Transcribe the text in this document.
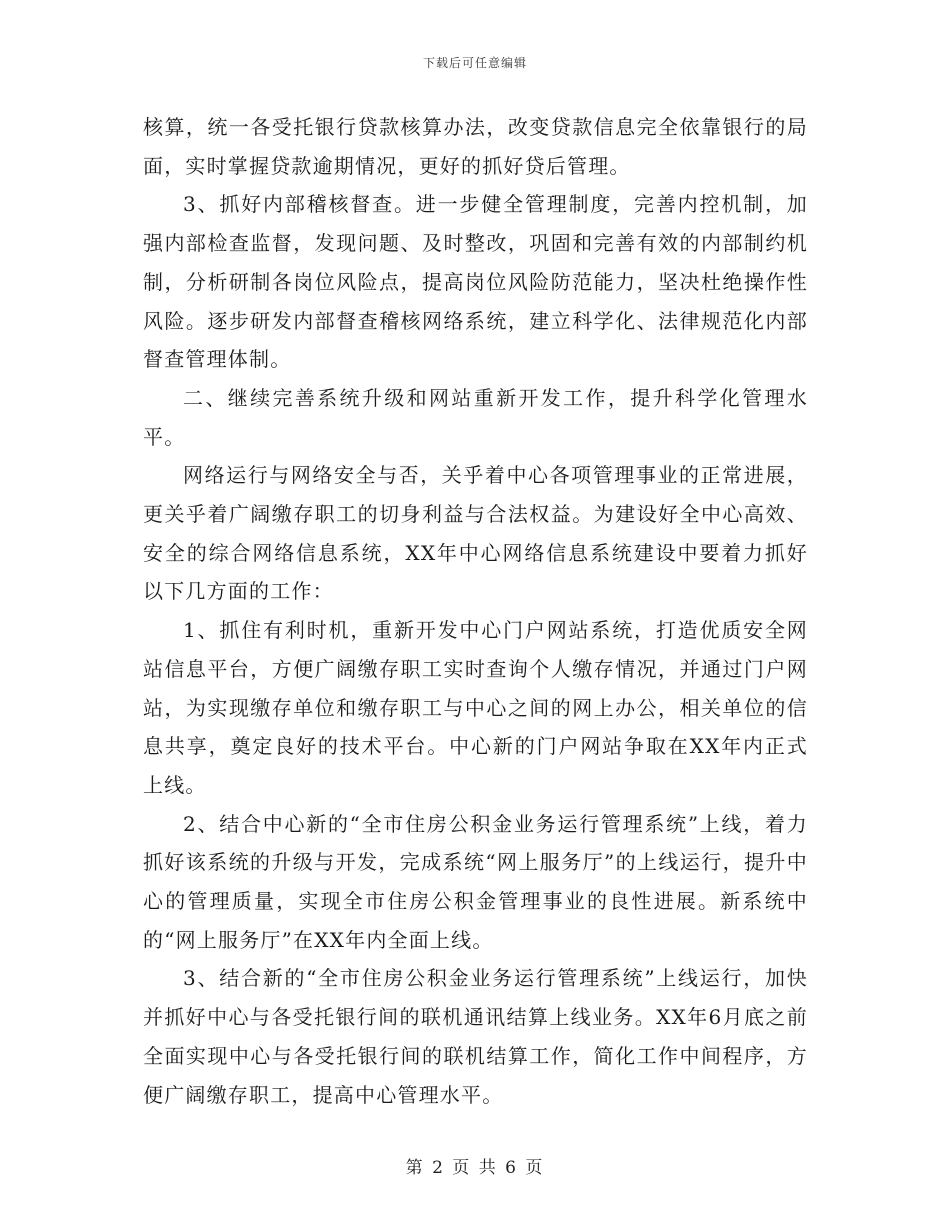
下载后可任意编辑

核算，统一各受托银行贷款核算办法，改变贷款信息完全依靠银行的局面，实时掌握贷款逾期情况，更好的抓好贷后管理。

3、抓好内部稽核督查。进一步健全管理制度，完善内控机制，加强内部检查监督，发现问题、及时整改，巩固和完善有效的内部制约机制，分析研制各岗位风险点，提高岗位风险防范能力，坚决杜绝操作性风险。逐步研发内部督查稽核网络系统，建立科学化、法律规范化内部督查管理体制。

二、继续完善系统升级和网站重新开发工作，提升科学化管理水平。

网络运行与网络安全与否，关乎着中心各项管理事业的正常进展，更关乎着广阔缴存职工的切身利益与合法权益。为建设好全中心高效、安全的综合网络信息系统，XX年中心网络信息系统建设中要着力抓好以下几方面的工作：

1、抓住有利时机，重新开发中心门户网站系统，打造优质安全网站信息平台，方便广阔缴存职工实时查询个人缴存情况，并通过门户网站，为实现缴存单位和缴存职工与中心之间的网上办公，相关单位的信息共享，奠定良好的技术平台。中心新的门户网站争取在XX年内正式上线。

2、结合中心新的“全市住房公积金业务运行管理系统”上线，着力抓好该系统的升级与开发，完成系统“网上服务厅”的上线运行，提升中心的管理质量，实现全市住房公积金管理事业的良性进展。新系统中的“网上服务厅”在XX年内全面上线。

3、结合新的“全市住房公积金业务运行管理系统”上线运行，加快并抓好中心与各受托银行间的联机通讯结算上线业务。XX年6月底之前全面实现中心与各受托银行间的联机结算工作，简化工作中间程序，方便广阔缴存职工，提高中心管理水平。

第 2 页 共 6 页
